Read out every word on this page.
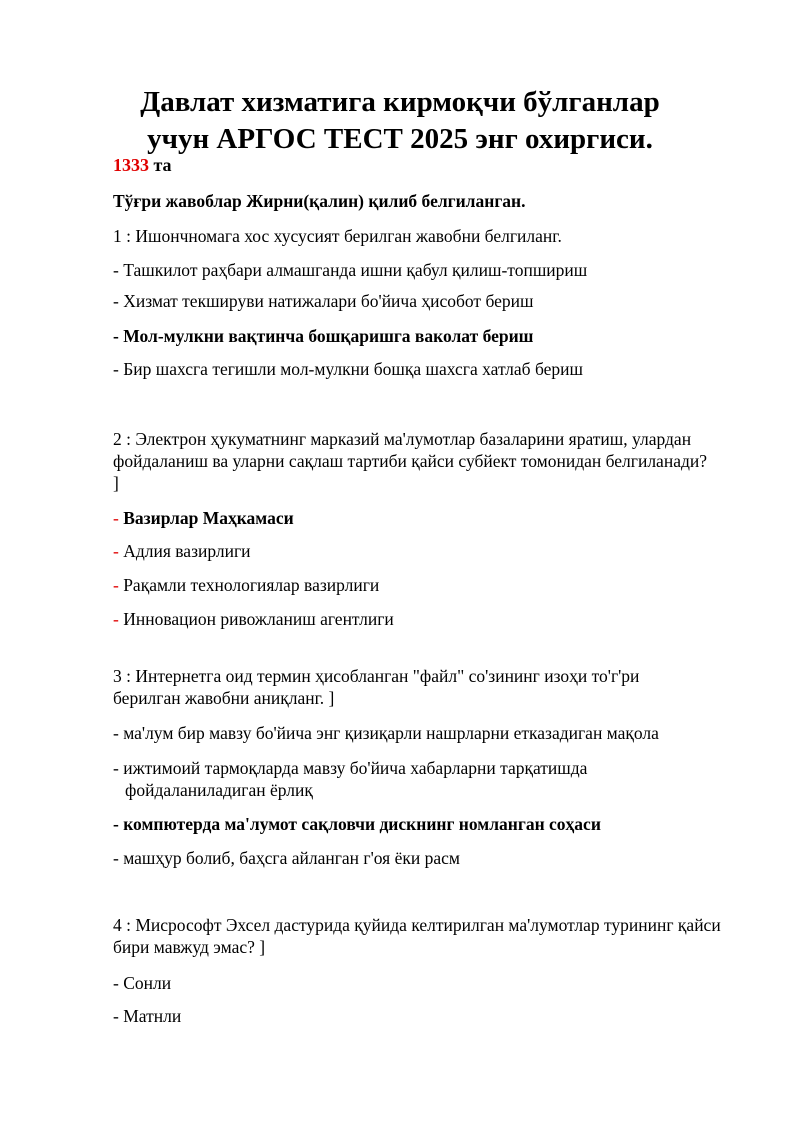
Давлат хизматига кирмоқчи бўлганлар
учун АРГОС ТЕСТ 2025 энг охиргиси.
1333 та
Тўғри жавоблар Жирни(қалин) қилиб белгиланган.
1 : Ишончномага хос хусусият берилган жавобни белгиланг.
- Ташкилот раҳбари алмашганда ишни қабул қилиш-топшириш
- Хизмат текшируви натижалари бо'йича ҳисобот бериш
- Мол-мулкни вақтинча бошқаришга ваколат бериш
- Бир шахсга тегишли мол-мулкни бошқа шахсга хатлаб бериш
2 : Электрон ҳукуматнинг марказий ма'лумотлар базаларини яратиш, улардан фойдаланиш ва уларни сақлаш тартиби қайси субйект томонидан белгиланади? ]
- Вазирлар Маҳкамаси
- Адлия вазирлиги
- Рақамли технологиялар вазирлиги
- Инновацион ривожланиш агентлиги
3 : Интернетга оид термин ҳисобланган "файл" со'зининг изоҳи то'г'ри берилган жавобни аниқланг. ]
- ма'лум бир мавзу бо'йича энг қизиқарли нашрларни етказадиган мақола
- ижтимоий тармоқларда мавзу бо'йича хабарларни тарқатишда
фойдаланиладиган ёрлиқ
- компютерда ма'лумот сақловчи дискнинг номланган соҳаси
- машҳур болиб, баҳсга айланган г'оя ёки расм
4 : Мисрософт Эхсел дастурида қуйида келтирилган ма'лумотлар турининг қайси бири мавжуд эмас? ]
- Сонли
- Матнли
